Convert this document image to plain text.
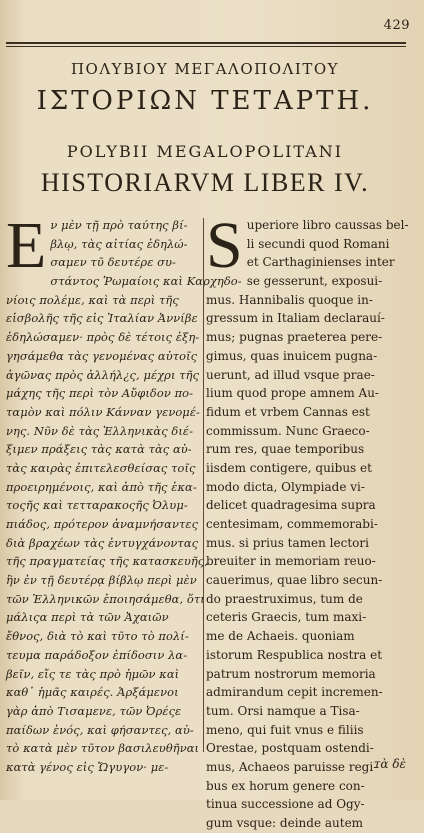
429
ΠΟΛΥΒΙΟΥ ΜΕΓΑΛΟΠΟΛΙΤΟΥ
ΙΣΤΟΡΙΩΝ ΤΕΤΑΡΤΗ.
POLYBII MEGALOPOLITANI
HISTORIARVM LIBER IV.
Ε ν μὲν τῇ πρὸ ταύτης βί-
βλῳ, τὰς αἰτίας ἐδηλώ-
σαμεν τῦ δευτέρε συ-
στάντος Ῥωμαίοις καὶ Καρχηδο-
νίοις πολέμε, καὶ τὰ περὶ τῆς
εἰσβολῆς τῆς εἰς Ἰταλίαν Ἀννίβε
ἐδηλώσαμεν· πρὸς δὲ τέτοις ἐξη-
γησάμεθα τὰς γενομένας αὐτοῖς
ἀγῶνας πρὸς ἀλλήλ¿ς, μέχρι τῆς
μάχης τῆς περὶ τὸν Αὔφιδον πο-
ταμὸν καὶ πόλιν Κάνναν γενομέ-
νης. Νῦν δὲ τὰς Ἑλληνικὰς διέ-
ξιμεν πράξεις τὰς κατὰ τὰς αὐ-
τὰς καιρὰς ἐπιτελεσθείσας τοῖς
προειρημένοις, καὶ ἀπὸ τῆς ἑκα-
τοςῆς καὶ τετταρακοςῆς Ὀλυμ-
πιάδος, πρότερον ἀναμνήσαντες
διὰ βραχέων τὰς ἐντυγχάνοντας
τῆς πραγματείας τῆς κατασκευῆς,
ἣν ἐν τῇ δευτέρᾳ βίβλῳ περὶ μὲν
τῶν Ἑλληνικῶν ἐποιησάμεθα, ὅτι
μάλιςα περὶ τὰ τῶν Ἀχαιῶν
ἔθνος, διὰ τὸ καὶ τῦτο τὸ πολί-
τευμα παράδοξον ἐπίδοσιν λα-
βεῖν, εἴς τε τὰς πρὸ ἡμῶν καὶ
καθ᾽ ἡμᾶς καιρές. Ἀρξάμενοι
γὰρ ἀπὸ Τισαμενε, τῶν Ὀρέςε
παίδων ἑνός, καὶ φήσαντες, αὐ-
τὸ κατὰ μὲν τῦτον βασιλευθῆναι
κατὰ γένος εἰς Ὤγυγον· με-
S uperiore libro caussas bel-
li secundi quod Romani
et Carthaginienses inter
se gesserunt, exposui-
mus. Hannibalis quoque in-
gressum in Italiam declarauí-
mus; pugnas praeterea pere-
gimus, quas inuicem pugna-
uerunt, ad illud vsque prae-
lium quod prope amnem Au-
fidum et vrbem Cannas est
commissum. Nunc Graeco-
rum res, quae temporibus
iisdem contigere, quibus et
modo dicta, Olympiade vi-
delicet quadragesima supra
centesimam, commemorabi-
mus. si prius tamen lectori
breuiter in memoriam reuo-
cauerimus, quae libro secun-
do praestruximus, tum de
ceteris Graecis, tum maxi-
me de Achaeis. quoniam
istorum Respublica nostra et
patrum nostrorum memoria
admirandum cepit incremen-
tum. Orsi namque a Tisa-
meno, qui fuit vnus e filiis
Orestae, postquam ostendi-
mus, Achaeos paruisse regi-
bus ex horum genere con-
tinua successione ad Ogy-
gum vsque: deinde autem
τὰ δὲ
